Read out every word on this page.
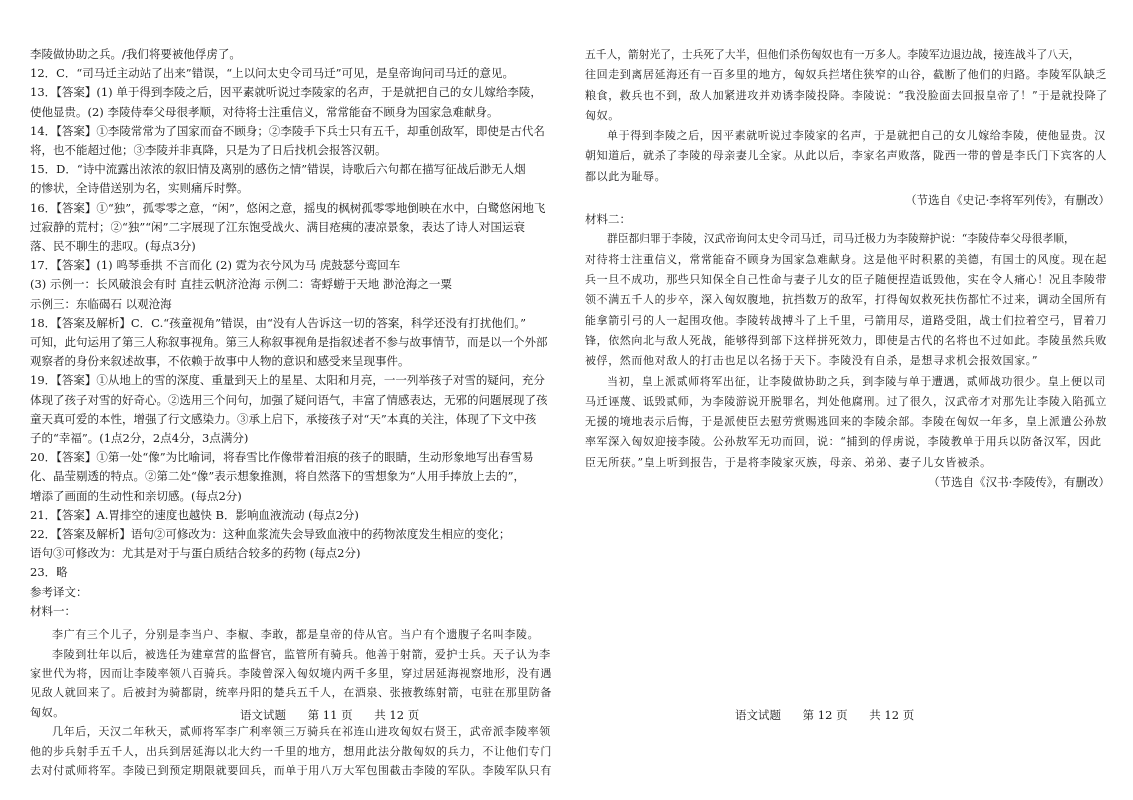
李陵做协助之兵。/我们将要被他俘虏了。

12．C．“司马迁主动站了出来”错误，“上以问太史令司马迁”可见，是皇帝询问司马迁的意见。

13．【答案】(1) 单于得到李陵之后，因平素就听说过李陵家的名声，于是就把自己的女儿嫁给李陵，

使他显贵。(2) 李陵侍奉父母很孝顺，对待将士注重信义，常常能奋不顾身为国家急难献身。

14．【答案】①李陵常常为了国家而奋不顾身；②李陵手下兵士只有五千，却重创敌军，即使是古代名

将，也不能超过他；③李陵并非真降，只是为了日后找机会报答汉朝。

15．D．“诗中流露出浓浓的叙旧情及离别的感伤之情”错误，诗歌后六句都在描写征战后渺无人烟

的惨状，全诗借送别为名，实则痛斥时弊。

16．【答案】①“独”，孤零零之意，“闲”，悠闲之意，摇曳的枫树孤零零地倒映在水中，白鹭悠闲地飞

过寂静的荒村；②“独”“闲”二字展现了江东饱受战火、满目疮痍的凄凉景象，表达了诗人对国运衰

落、民不聊生的悲叹。(每点3分)

17．【答案】(1) 鸣琴垂拱 不言而化 (2) 霓为衣兮风为马 虎鼓瑟兮鸾回车

(3) 示例一：长风破浪会有时 直挂云帆济沧海 示例二：寄蜉蝣于天地 渺沧海之一粟

示例三：东临碣石 以观沧海

18．【答案及解析】C．C.“孩童视角”错误，由“没有人告诉这一切的答案，科学还没有打扰他们。”

可知，此句运用了第三人称叙事视角。第三人称叙事视角是指叙述者不参与故事情节，而是以一个外部

观察者的身份来叙述故事，不依赖于故事中人物的意识和感受来呈现事件。

19．【答案】①从地上的雪的深度、重量到天上的星星、太阳和月亮，一一列举孩子对雪的疑问，充分

体现了孩子对雪的好奇心。②选用三个问句，加强了疑问语气，丰富了情感表达，无邪的问题展现了孩

童天真可爱的本性，增强了行文感染力。③承上启下，承接孩子对“天”本真的关注，体现了下文中孩

子的“幸福”。(1点2分，2点4分，3点满分)

20．【答案】①第一处“像”为比喻词，将春雪比作像带着泪痕的孩子的眼睛，生动形象地写出春雪易

化、晶莹剔透的特点。②第二处“像”表示想象推测，将自然落下的雪想象为“人用手捧放上去的”，

增添了画面的生动性和亲切感。(每点2分)

21．【答案】A.胃排空的速度也越快 B．影响血液流动 (每点2分)

22．【答案及解析】语句②可修改为：这种血浆流失会导致血液中的药物浓度发生相应的变化；

语句③可修改为：尤其是对于与蛋白质结合较多的药物 (每点2分)

23．略

参考译文：

材料一：

李广有三个儿子，分别是李当户、李椒、李敢，都是皇帝的侍从官。当户有个遗腹子名叫李陵。

李陵到壮年以后，被选任为建章营的监督官，监管所有骑兵。他善于射箭，爱护士兵。天子认为李

家世代为将，因而让李陵率领八百骑兵。李陵曾深入匈奴境内两千多里，穿过居延海视察地形，没有遇

见敌人就回来了。后被封为骑都尉，统率丹阳的楚兵五千人，在酒泉、张掖教练射箭，屯驻在那里防备

匈奴。

几年后，天汉二年秋天，贰师将军李广利率领三万骑兵在祁连山进攻匈奴右贤王，武帝派李陵率领

他的步兵射手五千人，出兵到居延海以北大约一千里的地方，想用此法分散匈奴的兵力，不让他们专门

去对付贰师将军。李陵已到预定期限就要回兵，而单于用八万大军包围截击李陵的军队。李陵军队只有

语文试题 第 11 页 共 12 页

五千人，箭射光了，士兵死了大半，但他们杀伤匈奴也有一万多人。李陵军边退边战，接连战斗了八天，

往回走到离居延海还有一百多里的地方，匈奴兵拦堵住狭窄的山谷，截断了他们的归路。李陵军队缺乏

粮食，救兵也不到，敌人加紧进攻并劝诱李陵投降。李陵说：“我没脸面去回报皇帝了！”于是就投降了

匈奴。

单于得到李陵之后，因平素就听说过李陵家的名声，于是就把自己的女儿嫁给李陵，使他显贵。汉

朝知道后，就杀了李陵的母亲妻儿全家。从此以后，李家名声败落，陇西一带的曾是李氏门下宾客的人

都以此为耻辱。

（节选自《史记·李将军列传》，有删改）

材料二：

群臣都归罪于李陵，汉武帝询问太史令司马迁，司马迁极力为李陵辩护说：“李陵侍奉父母很孝顺，

对待将士注重信义，常常能奋不顾身为国家急难献身。这是他平时积累的美德，有国士的风度。现在起

兵一旦不成功，那些只知保全自己性命与妻子儿女的臣子随便捏造诋毁他，实在令人痛心！况且李陵带

领不满五千人的步卒，深入匈奴腹地，抗挡数万的敌军，打得匈奴救死扶伤都忙不过来，调动全国所有

能拿箭引弓的人一起围攻他。李陵转战搏斗了上千里，弓箭用尽，道路受阻，战士们拉着空弓，冒着刀

锋，依然向北与敌人死战，能够得到部下这样拼死效力，即使是古代的名将也不过如此。李陵虽然兵败

被俘，然而他对敌人的打击也足以名扬于天下。李陵没有自杀，是想寻求机会报效国家。”

当初，皇上派贰师将军出征，让李陵做协助之兵，到李陵与单于遭遇，贰师战功很少。皇上便以司

马迁诬蔑、诋毁贰师，为李陵游说开脱罪名，判处他腐刑。过了很久，汉武帝才对那先让李陵入陷孤立

无援的境地表示后悔，于是派使臣去慰劳赏赐逃回来的李陵余部。李陵在匈奴一年多，皇上派遣公孙敖

率军深入匈奴迎接李陵。公孙敖军无功而回，说：“捕到的俘虏说，李陵教单于用兵以防备汉军，因此

臣无所获。”皇上听到报告，于是将李陵家灭族，母亲、弟弟、妻子儿女皆被杀。

（节选自《汉书·李陵传》，有删改）

语文试题 第 12 页 共 12 页
